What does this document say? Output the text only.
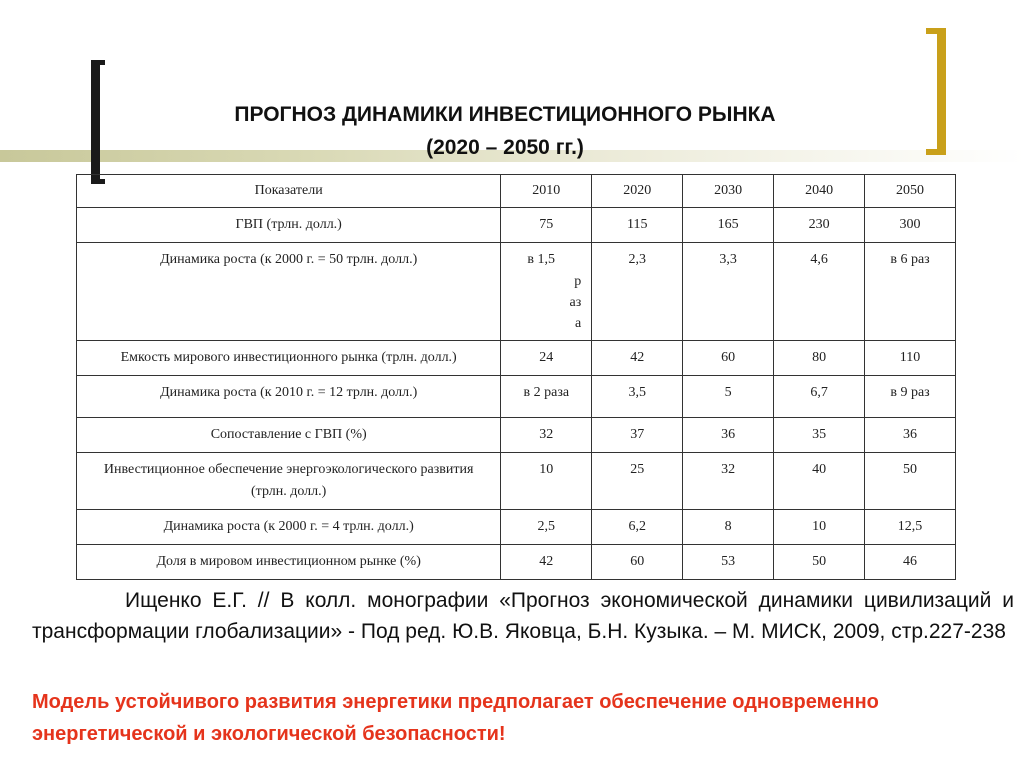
ПРОГНОЗ ДИНАМИКИ ИНВЕСТИЦИОННОГО РЫНКА
(2020 – 2050 гг.)
Показатели	2010	2020	2030	2040	2050
ГВП (трлн. долл.)	75	115	165	230	300
Динамика роста (к 2000 г. = 50 трлн. долл.)	в 1,5
р
аз
а	2,3	3,3	4,6	в 6 раз
Емкость мирового инвестиционного рынка (трлн. долл.)	24	42	60	80	110
Динамика роста (к 2010 г. = 12 трлн. долл.)	в 2 раза	3,5	5	6,7	в 9 раз
Сопоставление с ГВП (%)	32	37	36	35	36

Инвестиционное обеспечение энергоэкологического развития
(трлн. долл.)	10	25	32	40	50
Динамика роста (к 2000 г. = 4 трлн. долл.)	2,5	6,2	8	10	12,5
Доля в мировом инвестиционном рынке (%)	42	60	53	50	46
Ищенко Е.Г. // В колл. монографии «Прогноз экономической динамики цивилизаций и трансформации глобализации» - Под ред. Ю.В. Яковца, Б.Н. Кузыка. – М. МИСК, 2009, стр.227-238
Модель устойчивого развития энергетики предполагает обеспечение одновременно энергетической и экологической безопасности!
